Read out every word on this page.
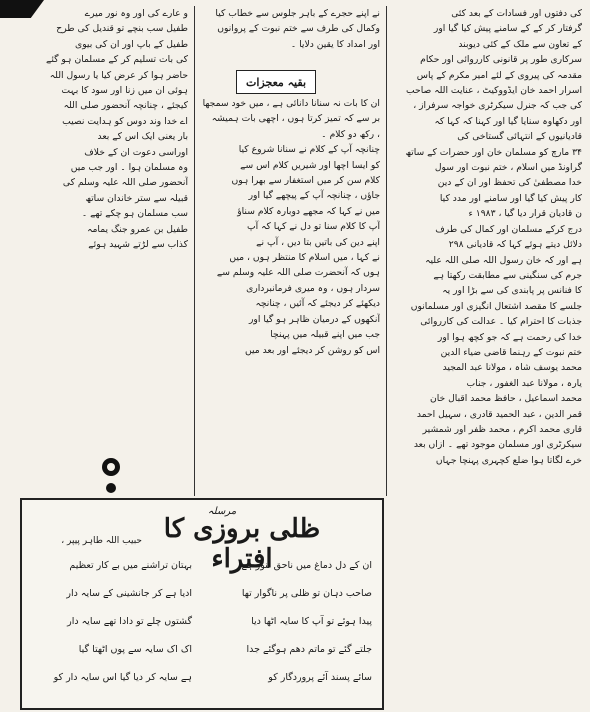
کی دفتوں اور فسادات کے بعد کئی

گرفتار کر کے کے سامنے پیش کیا گیا اور

کے تعاون سے ملک کے کئی دیوبند

سرکاری طور پر قانونی کارروائی اور حکام

مقدمہ کی پیروی کے لئے امیر مکرم کے پاس

اسرار احمد خان ایڈووکیٹ ، عنایت اللہ صاحب

کی جب کہ جنرل سیکرٹری خواجہ سرفراز ،

اور دکھاوہ سنایا گیا اور کہنا کہ کہا کہ

قادیانیوں کے انتہائی گستاخی کی

۳۴ مارچ کو مسلمان خان اور حضرات کے ساتھ

گراونڈ میں اسلام ، ختم نبوت اور سول

خدا مصطفیٰ کی تحفظ اور ان کے دین

کار پیش کیا گیا اور سامنے اور مدد کیا

ن قادیان قرار دیا گیا ، ۱۹۸۳ ء

درج کرکے مسلمان اور کمال کی طرف

دلائل دیتے ہوئے کہا کہ قادیانی ۲۹۸

ہے اور کہ خان رسول اللہ صلی اللہ علیہ

جرم کی سنگینی سے مطابقت رکھتا ہے

کا فنانس پر پابندی کی سے بڑا اور یہ

جلسے کا مقصد اشتعال انگیزی اور مسلمانوں

جذبات کا احترام کیا ۔ عدالت کی کارروائی

خدا کی رحمت ہے کہ جو کچھ ہوا اور

ختم نبوت کے رہنما قاضی ضیاء الدین

محمد یوسف شاہ ، مولانا عبد المجید

یارہ ، مولانا عبد الغفور ، جناب

محمد اسماعیل ، حافظ محمد اقبال خان

قمر الدین ، عبد الحمید قادری ، سہیل احمد

قاری محمد اکرم ، محمد ظفر اور شمشیر

سیکرٹری اور مسلمان موجود تھے ۔ ازاں بعد

خرے لگاتا ہوا ضلع کچہری پہنچا جہاں

نے اپنے حجرے کے باہر جلوس سے خطاب کیا

وکمال کی طرف سے ختم نبوت کے پروانوں

اور امداد کا یقین دلایا ۔

بقیہ معجزات

ان کا بات نہ سنانا دانائی ہے ، میں خود سمجھا

بر سے کہ تمیز کرتا ہوں ، اچھی بات ہمیشہ

، رکھ دو کلام ۔

چنانچہ آپ کے کلام نے سنانا شروع کیا

کو ایسا اچھا اور شیریں کلام اس سے

کلام سن کر میں استغفار سے بھرا ہوں

جاؤں ، چنانچہ آپ کے پیچھے گیا اور

میں نے کہا کہ مجھے دوبارہ کلام سناؤ

آپ کا کلام سنا تو دل نے کہا کہ آپ

اپنے دین کی باتیں بتا دیں ، آپ نے

نے کہا ، میں اسلام کا منتظر ہوں ، میں

ہوں کہ آنحضرت صلی اللہ علیہ وسلم سے

سردار ہوں ، وہ میری فرمانبرداری

دیکھئے کر دیجئے کہ آئیں ، چنانچہ

آنکھوں کے درمیان ظاہر ہو گیا اور

جب میں اپنے قبیلہ میں پہنچا

اس کو روشن کر دیجئے اور بعد میں

و عارے کی اور وہ نور میرے

طفیل سب بنچے تو قندیل کی طرح

طفیل کے باپ اور ان کی بیوی

کی بات تسلیم کر کے مسلمان ہو گئے

حاضر ہوا کر عرض کیا یا رسول اللہ

ہوئی ان میں زنا اور سود کا بہت

کیجئے ، چنانچہ آنحضور صلی اللہ

اے خدا وند دوس کو ہدایت نصیب

بار یعنی ایک اس کے بعد

اوراسی دعوت ان کے خلاف

وہ مسلمان ہوا ۔ اور جب میں

آنحضور صلی اللہ علیہ وسلم کی

قبیلہ سے ستر خاندان ساتھ

سب مسلمان ہو چکے تھے ۔

طفیل بن عمرو جنگ یمامہ

کذاب سے لڑتے شہید ہوئے

مرسلہ
ظلی بروزی کا افتراء
حبیب اللہ طاہر پیپر ،
ان کے دل دماغ میں ناحق تنور ہے
بہتان تراشنے میں بے کار تعظیم
صاحب دہان تو ظلی پر ناگوار تھا
ادیا ہے کر جانشینی کے سایہ دار
پیدا ہوئے تو آپ کا سایہ اٹھا دیا
گشتوں چلے تو دادا تھے سایہ دار
جلتے گئے تو ماتم دھم ہوگئے جدا
اک اک سایہ سے پوں اٹھتا گیا
سائے پسند آئے پروردگار کو
ہے سایہ کر دیا گیا اس سایہ دار کو
